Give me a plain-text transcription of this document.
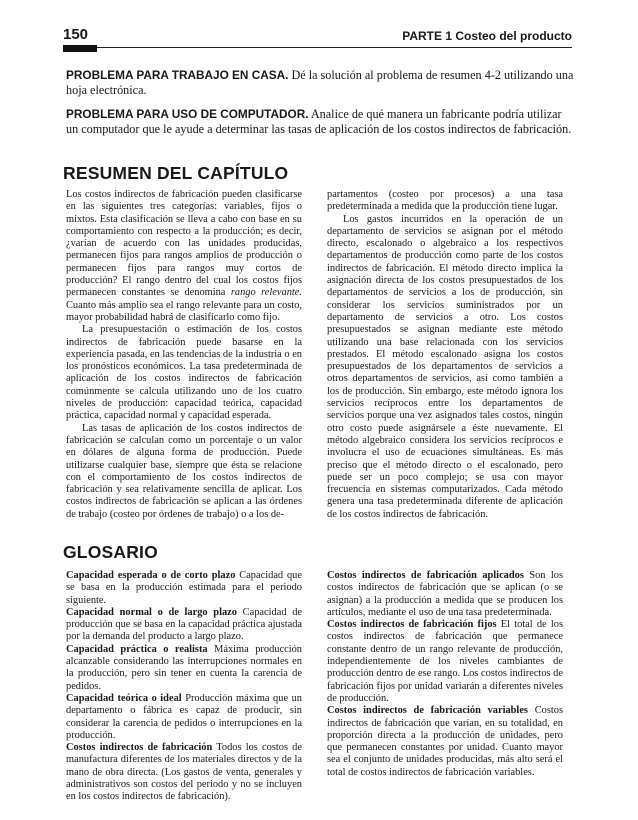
150	PARTE 1 Costeo del producto
PROBLEMA PARA TRABAJO EN CASA. Dé la solución al problema de resumen 4-2 utilizando una hoja electrónica.
PROBLEMA PARA USO DE COMPUTADOR. Analice de qué manera un fabricante podría utilizar un computador que le ayude a determinar las tasas de aplicación de los costos indirectos de fabricación.
RESUMEN DEL CAPÍTULO

Los costos indirectos de fabricación pueden clasificarse en las siguientes tres categorías: variables, fijos o mixtos. Esta clasificación se lleva a cabo con base en su comportamiento con respecto a la producción; es decir, ¿varían de acuerdo con las unidades producidas, permanecen fijos para rangos amplios de producción o permanecen fijos para rangos muy cortos de producción? El rango dentro del cual los costos fijos permanecen constantes se denomina rango relevante. Cuanto más amplio sea el rango relevante para un costo, mayor probabilidad habrá de clasificarlo como fijo.

La presupuestación o estimación de los costos indirectos de fabricación puede basarse en la experiencia pasada, en las tendencias de la industria o en los pronósticos económicos. La tasa predeterminada de aplicación de los costos indirectos de fabricación comúnmente se calcula utilizando uno de los cuatro niveles de producción: capacidad teórica, capacidad práctica, capacidad normal y capacidad esperada.

Las tasas de aplicación de los costos indirectos de fabricación se calculan como un porcentaje o un valor en dólares de alguna forma de producción. Puede utilizarse cualquier base, siempre que ésta se relacione con el comportamiento de los costos indirectos de fabricación y sea relativamente sencilla de aplicar. Los costos indirectos de fabricación se aplican a las órdenes de trabajo (costeo por órdenes de trabajo) o a los de-

partamentos (costeo por procesos) a una tasa predeterminada a medida que la producción tiene lugar.

Los gastos incurridos en la operación de un departamento de servicios se asignan por el método directo, escalonado o algebraico a los respectivos departamentos de producción como parte de los costos indirectos de fabricación. El método directo implica la asignación directa de los costos presupuestados de los departamentos de servicios a los de producción, sin considerar los servicios suministrados por un departamento de servicios a otro. Los costos presupuestados se asignan mediante este método utilizando una base relacionada con los servicios prestados. El método escalonado asigna los costos presupuestados de los departamentos de servicios a otros departamentos de servicios, así como también a los de producción. Sin embargo, este método ignora los servicios recíprocos entre los departamentos de servicios porque una vez asignados tales costos, ningún otro costo puede asignársele a éste nuevamente. El método algebraico considera los servicios recíprocos e involucra el uso de ecuaciones simultáneas. Es más preciso que el método directo o el escalonado, pero puede ser un poco complejo; se usa con mayor frecuencia en sistemas computarizados. Cada método genera una tasa predeterminada diferente de aplicación de los costos indirectos de fabricación.

GLOSARIO

Capacidad esperada o de corto plazo Capacidad que se basa en la producción estimada para el periodo siguiente.

Capacidad normal o de largo plazo Capacidad de producción que se basa en la capacidad práctica ajustada por la demanda del producto a largo plazo.

Capacidad práctica o realista Máxima producción alcanzable considerando las interrupciones normales en la producción, pero sin tener en cuenta la carencia de pedidos.

Capacidad teórica o ideal Producción máxima que un departamento o fábrica es capaz de producir, sin considerar la carencia de pedidos o interrupciones en la producción.

Costos indirectos de fabricación Todos los costos de manufactura diferentes de los materiales directos y de la mano de obra directa. (Los gastos de venta, generales y administrativos son costos del periodo y no se incluyen en los costos indirectos de fabricación).

Costos indirectos de fabricación aplicados Son los costos indirectos de fabricación que se aplican (o se asignan) a la producción a medida que se producen los artículos, mediante el uso de una tasa predeterminada.

Costos indirectos de fabricación fijos El total de los costos indirectos de fabricación que permanece constante dentro de un rango relevante de producción, independientemente de los niveles cambiantes de producción dentro de ese rango. Los costos indirectos de fabricación fijos por unidad variarán a diferentes niveles de producción.

Costos indirectos de fabricación variables Costos indirectos de fabricación que varían, en su totalidad, en proporción directa a la producción de unidades, pero que permanecen constantes por unidad. Cuanto mayor sea el conjunto de unidades producidas, más alto será el total de costos indirectos de fabricación variables.
